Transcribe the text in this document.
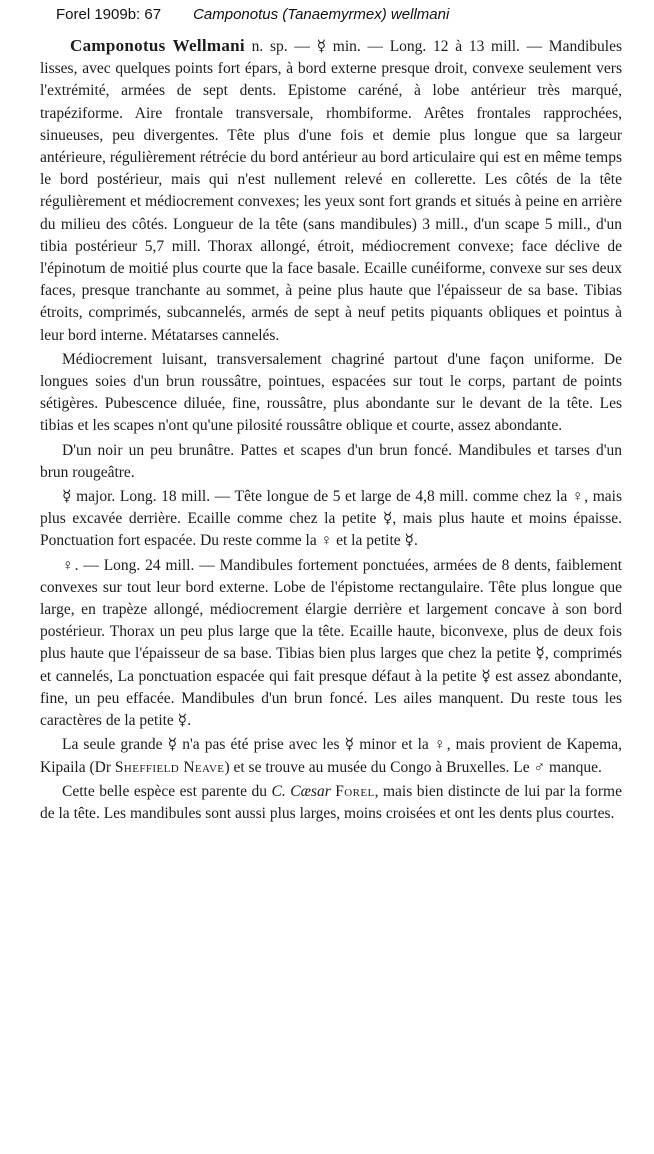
Forel 1909b: 67 Camponotus (Tanaemyrmex) wellmani

Camponotus Wellmani n. sp. — ☿ min. — Long. 12 à 13 mill. — Mandibules lisses, avec quelques points fort épars, à bord externe presque droit, convexe seulement vers l'extrémité, armées de sept dents. Epistome caréné, à lobe antérieur très marqué, trapéziforme. Aire frontale transversale, rhombiforme. Arêtes frontales rapprochées, sinueuses, peu divergentes. Tête plus d'une fois et demie plus longue que sa largeur antérieure, régulièrement rétrécie du bord antérieur au bord articulaire qui est en même temps le bord postérieur, mais qui n'est nullement relevé en collerette. Les côtés de la tête régulièrement et médiocrement convexes; les yeux sont fort grands et situés à peine en arrière du milieu des côtés. Longueur de la tête (sans mandibules) 3 mill., d'un scape 5 mill., d'un tibia postérieur 5,7 mill. Thorax allongé, étroit, médiocrement convexe; face déclive de l'épinotum de moitié plus courte que la face basale. Ecaille cunéiforme, convexe sur ses deux faces, presque tranchante au sommet, à peine plus haute que l'épaisseur de sa base. Tibias étroits, comprimés, subcannelés, armés de sept à neuf petits piquants obliques et pointus à leur bord interne. Métatarses cannelés.

Médiocrement luisant, transversalement chagriné partout d'une façon uniforme. De longues soies d'un brun roussâtre, pointues, espacées sur tout le corps, partant de points sétigères. Pubescence diluée, fine, roussâtre, plus abondante sur le devant de la tête. Les tibias et les scapes n'ont qu'une pilosité roussâtre oblique et courte, assez abondante.

D'un noir un peu brunâtre. Pattes et scapes d'un brun foncé. Mandibules et tarses d'un brun rougeâtre.

☿ major. Long. 18 mill. — Tête longue de 5 et large de 4,8 mill. comme chez la ♀, mais plus excavée derrière. Ecaille comme chez la petite ☿, mais plus haute et moins épaisse. Ponctuation fort espacée. Du reste comme la ♀ et la petite ☿.

♀. — Long. 24 mill. — Mandibules fortement ponctuées, armées de 8 dents, faiblement convexes sur tout leur bord externe. Lobe de l'épistome rectangulaire. Tête plus longue que large, en trapèze allongé, médiocrement élargie derrière et largement concave à son bord postérieur. Thorax un peu plus large que la tête. Ecaille haute, biconvexe, plus de deux fois plus haute que l'épaisseur de sa base. Tibias bien plus larges que chez la petite ☿, comprimés et cannelés, La ponctuation espacée qui fait presque défaut à la petite ☿ est assez abondante, fine, un peu effacée. Mandibules d'un brun foncé. Les ailes manquent. Du reste tous les caractères de la petite ☿.

La seule grande ☿ n'a pas été prise avec les ☿ minor et la ♀, mais provient de Kapema, Kipaila (Dr Sheffield Neave) et se trouve au musée du Congo à Bruxelles. Le ♂ manque.

Cette belle espèce est parente du C. Cæsar Forel, mais bien distincte de lui par la forme de la tête. Les mandibules sont aussi plus larges, moins croisées et ont les dents plus courtes.
